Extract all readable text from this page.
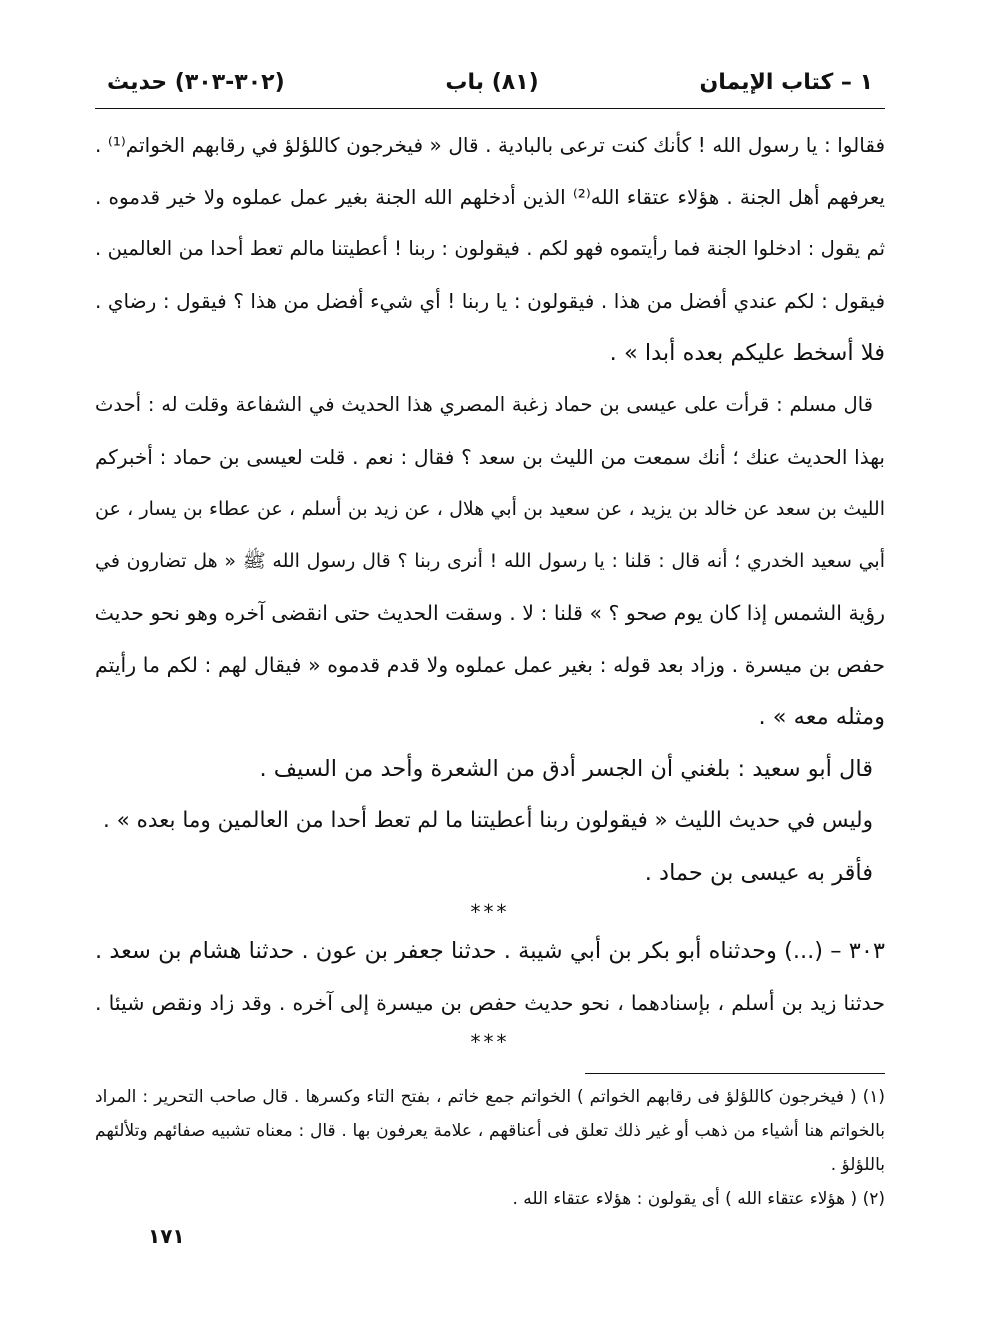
١ – كتاب الإيمان
(٨١) باب
(٣٠٢-٣٠٣) حديث
فقالوا : يا رسول الله ! كأنك كنت ترعى بالبادية . قال « فيخرجون كاللؤلؤ في رقابهم الخواتم⁽¹⁾ .
يعرفهم أهل الجنة . هؤلاء عتقاء الله⁽²⁾ الذين أدخلهم الله الجنة بغير عمل عملوه ولا خير قدموه .
ثم يقول : ادخلوا الجنة فما رأيتموه فهو لكم . فيقولون : ربنا ! أعطيتنا مالم تعط أحدا من العالمين .
فيقول : لكم عندي أفضل من هذا . فيقولون : يا ربنا ! أي شيء أفضل من هذا ؟ فيقول : رضاي .
فلا أسخط عليكم بعده أبدا » .
قال مسلم : قرأت على عيسى بن حماد زغبة المصري هذا الحديث في الشفاعة وقلت له : أحدث
بهذا الحديث عنك ؛ أنك سمعت من الليث بن سعد ؟ فقال : نعم . قلت لعيسى بن حماد : أخبركم
الليث بن سعد عن خالد بن يزيد ، عن سعيد بن أبي هلال ، عن زيد بن أسلم ، عن عطاء بن يسار ، عن
أبي سعيد الخدري ؛ أنه قال : قلنا : يا رسول الله ! أنرى ربنا ؟ قال رسول الله ﷺ « هل تضارون في
رؤية الشمس إذا كان يوم صحو ؟ » قلنا : لا . وسقت الحديث حتى انقضى آخره وهو نحو حديث
حفص بن ميسرة . وزاد بعد قوله : بغير عمل عملوه ولا قدم قدموه « فيقال لهم : لكم ما رأيتم
ومثله معه » .
قال أبو سعيد : بلغني أن الجسر أدق من الشعرة وأحد من السيف .
وليس في حديث الليث « فيقولون ربنا أعطيتنا ما لم تعط أحدا من العالمين وما بعده » .
فأقر به عيسى بن حماد .
***
٣٠٣ – (...) وحدثناه أبو بكر بن أبي شيبة . حدثنا جعفر بن عون . حدثنا هشام بن سعد .
حدثنا زيد بن أسلم ، بإسنادهما ، نحو حديث حفص بن ميسرة إلى آخره . وقد زاد ونقص شيئا .
***
(١) ( فيخرجون كاللؤلؤ فى رقابهم الخواتم ) الخواتم جمع خاتم ، بفتح التاء وكسرها . قال صاحب التحرير : المراد
بالخواتم هنا أشياء من ذهب أو غير ذلك تعلق فى أعناقهم ، علامة يعرفون بها . قال : معناه تشبيه صفائهم وتلألئهم
باللؤلؤ .
(٢) ( هؤلاء عتقاء الله ) أى يقولون : هؤلاء عتقاء الله .
١٧١
